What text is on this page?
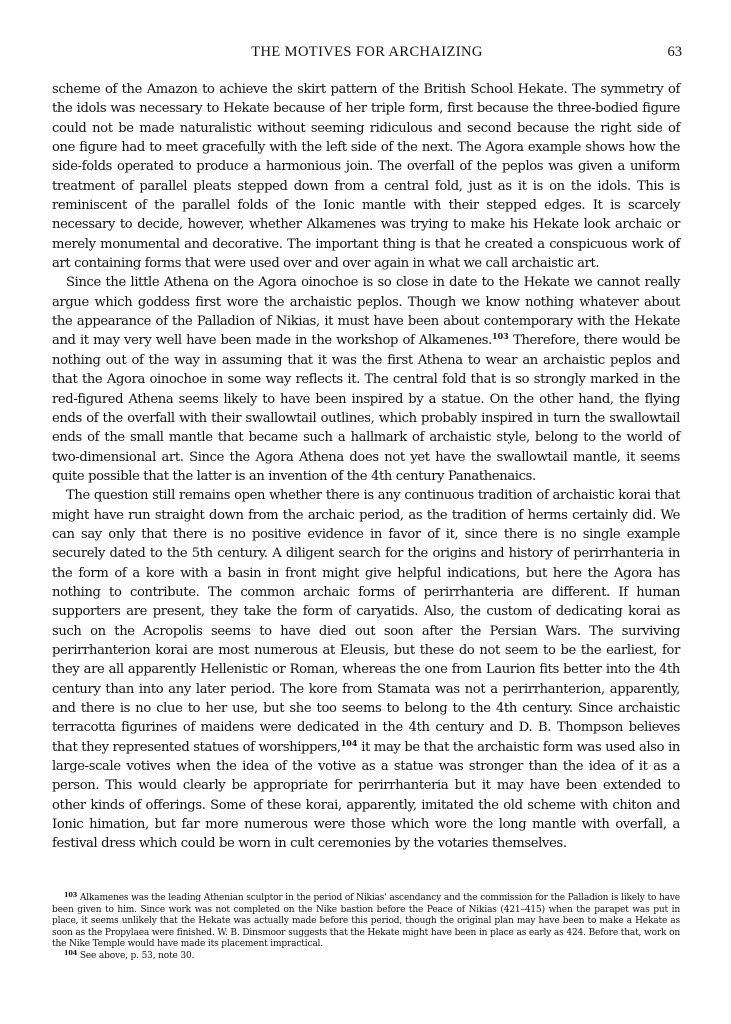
THE MOTIVES FOR ARCHAIZING	63

scheme of the Amazon to achieve the skirt pattern of the British School Hekate. The symmetry of the idols was necessary to Hekate because of her triple form, first because the three-bodied figure could not be made naturalistic without seeming ridiculous and second because the right side of one figure had to meet gracefully with the left side of the next. The Agora example shows how the side-folds operated to produce a harmonious join. The overfall of the peplos was given a uniform treatment of parallel pleats stepped down from a central fold, just as it is on the idols. This is reminiscent of the parallel folds of the Ionic mantle with their stepped edges. It is scarcely necessary to decide, however, whether Alkamenes was trying to make his Hekate look archaic or merely monumental and decorative. The important thing is that he created a conspicuous work of art containing forms that were used over and over again in what we call archaistic art.

Since the little Athena on the Agora oinochoe is so close in date to the Hekate we cannot really argue which goddess first wore the archaistic peplos. Though we know nothing whatever about the appearance of the Palladion of Nikias, it must have been about contemporary with the Hekate and it may very well have been made in the workshop of Alkamenes.$^{103}$ Therefore, there would be nothing out of the way in assuming that it was the first Athena to wear an archaistic peplos and that the Agora oinochoe in some way reflects it. The central fold that is so strongly marked in the red-figured Athena seems likely to have been inspired by a statue. On the other hand, the flying ends of the overfall with their swallowtail outlines, which probably inspired in turn the swallowtail ends of the small mantle that became such a hallmark of archaistic style, belong to the world of two-dimensional art. Since the Agora Athena does not yet have the swallowtail mantle, it seems quite possible that the latter is an invention of the 4th century Panathenaics.

The question still remains open whether there is any continuous tradition of archaistic korai that might have run straight down from the archaic period, as the tradition of herms certainly did. We can say only that there is no positive evidence in favor of it, since there is no single example securely dated to the 5th century. A diligent search for the origins and history of perirrhanteria in the form of a kore with a basin in front might give helpful indications, but here the Agora has nothing to contribute. The common archaic forms of perirrhanteria are different. If human supporters are present, they take the form of caryatids. Also, the custom of dedicating korai as such on the Acropolis seems to have died out soon after the Persian Wars. The surviving perirrhanterion korai are most numerous at Eleusis, but these do not seem to be the earliest, for they are all apparently Hellenistic or Roman, whereas the one from Laurion fits better into the 4th century than into any later period. The kore from Stamata was not a perirrhanterion, apparently, and there is no clue to her use, but she too seems to belong to the 4th century. Since archaistic terracotta figurines of maidens were dedicated in the 4th century and D. B. Thompson believes that they represented statues of worshippers,$^{104}$ it may be that the archaistic form was used also in large-scale votives when the idea of the votive as a statue was stronger than the idea of it as a person. This would clearly be appropriate for perirrhanteria but it may have been extended to other kinds of offerings. Some of these korai, apparently, imitated the old scheme with chiton and Ionic himation, but far more numerous were those which wore the long mantle with overfall, a festival dress which could be worn in cult ceremonies by the votaries themselves.

$^{103}$ Alkamenes was the leading Athenian sculptor in the period of Nikias' ascendancy and the commission for the Palladion is likely to have been given to him. Since work was not completed on the Nike bastion before the Peace of Nikias (421–415) when the parapet was put in place, it seems unlikely that the Hekate was actually made before this period, though the original plan may have been to make a Hekate as soon as the Propylaea were finished. W. B. Dinsmoor suggests that the Hekate might have been in place as early as 424. Before that, work on the Nike Temple would have made its placement impractical.

$^{104}$ See above, p. 53, note 30.
